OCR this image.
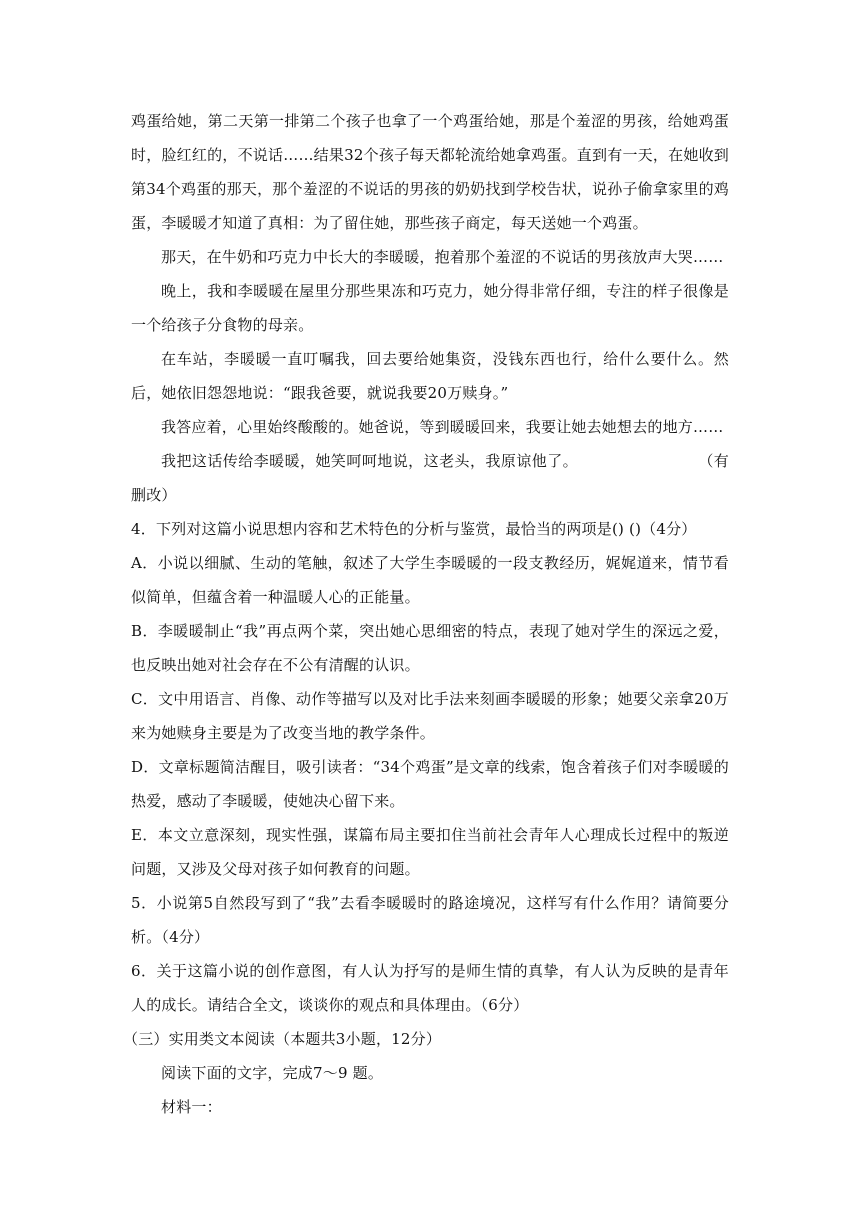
鸡蛋给她，第二天第一排第二个孩子也拿了一个鸡蛋给她，那是个羞涩的男孩，给她鸡蛋时，脸红红的，不说话……结果32个孩子每天都轮流给她拿鸡蛋。直到有一天，在她收到第34个鸡蛋的那天，那个羞涩的不说话的男孩的奶奶找到学校告状，说孙子偷拿家里的鸡蛋，李暖暖才知道了真相：为了留住她，那些孩子商定，每天送她一个鸡蛋。

那天，在牛奶和巧克力中长大的李暖暖，抱着那个羞涩的不说话的男孩放声大哭……

晚上，我和李暖暖在屋里分那些果冻和巧克力，她分得非常仔细，专注的样子很像是一个给孩子分食物的母亲。

在车站，李暖暖一直叮嘱我，回去要给她集资，没钱东西也行，给什么要什么。然后，她依旧怨怨地说：“跟我爸要，就说我要20万赎身。”

我答应着，心里始终酸酸的。她爸说，等到暖暖回来，我要让她去她想去的地方……

我把这话传给李暖暖，她笑呵呵地说，这老头，我原谅他了。	（有删改）

4．下列对这篇小说思想内容和艺术特色的分析与鉴赏，最恰当的两项是() ()（4分）

A．小说以细腻、生动的笔触，叙述了大学生李暖暖的一段支教经历，娓娓道来，情节看似简单，但蕴含着一种温暖人心的正能量。

B．李暖暖制止“我”再点两个菜，突出她心思细密的特点，表现了她对学生的深远之爱，也反映出她对社会存在不公有清醒的认识。

C．文中用语言、肖像、动作等描写以及对比手法来刻画李暖暖的形象；她要父亲拿20万来为她赎身主要是为了改变当地的教学条件。

D．文章标题简洁醒目，吸引读者：“34个鸡蛋”是文章的线索，饱含着孩子们对李暖暖的热爱，感动了李暖暖，使她决心留下来。

E．本文立意深刻，现实性强，谋篇布局主要扣住当前社会青年人心理成长过程中的叛逆问题，又涉及父母对孩子如何教育的问题。

5．小说第5自然段写到了“我”去看李暖暖时的路途境况，这样写有什么作用？请简要分析。（4分）

6．关于这篇小说的创作意图，有人认为抒写的是师生情的真挚，有人认为反映的是青年人的成长。请结合全文，谈谈你的观点和具体理由。（6分）

（三）实用类文本阅读（本题共3小题，12分）

阅读下面的文字，完成7～9 题。

材料一：
